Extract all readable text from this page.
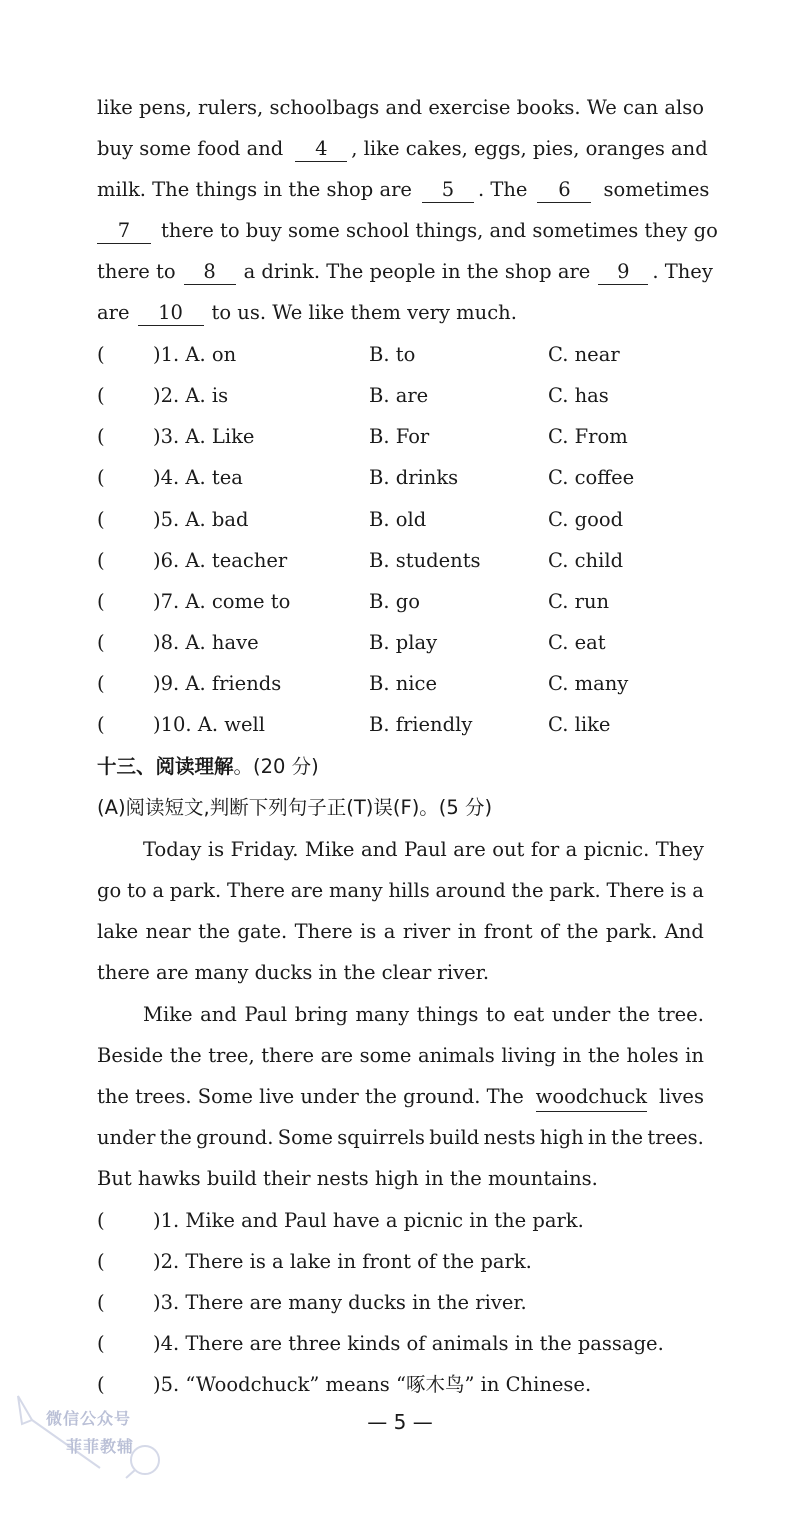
like pens, rulers, schoolbags and exercise books. We can also
buy some food and 4 , like cakes, eggs, pies, oranges and
milk. The things in the shop are 5 . The 6 sometimes
7 there to buy some school things, and sometimes they go
there to 8 a drink. The people in the shop are 9 . They
are 10 to us. We like them very much.
( )1. A. on	B. to	C. near
( )2. A. is	B. are	C. has
( )3. A. Like	B. For	C. From
( )4. A. tea	B. drinks	C. coffee
( )5. A. bad	B. old	C. good
( )6. A. teacher	B. students	C. child
( )7. A. come to	B. go	C. run
( )8. A. have	B. play	C. eat
( )9. A. friends	B. nice	C. many
( )10. A. well	B. friendly	C. like
十三、阅读理解。(20 分)
(A)阅读短文,判断下列句子正(T)误(F)。(5 分)
Today is Friday. Mike and Paul are out for a picnic. They
go to a park. There are many hills around the park. There is a
lake near the gate. There is a river in front of the park. And
there are many ducks in the clear river.
Mike and Paul bring many things to eat under the tree.
Beside the tree, there are some animals living in the holes in
the trees. Some live under the ground. The woodchuck lives
under the ground. Some squirrels build nests high in the trees.
But hawks build their nests high in the mountains.
( )1. Mike and Paul have a picnic in the park.
( )2. There is a lake in front of the park.
( )3. There are many ducks in the river.
( )4. There are three kinds of animals in the passage.
( )5. “Woodchuck” means “啄木鸟” in Chinese.
— 5 —
微信公众号
菲菲教辅
